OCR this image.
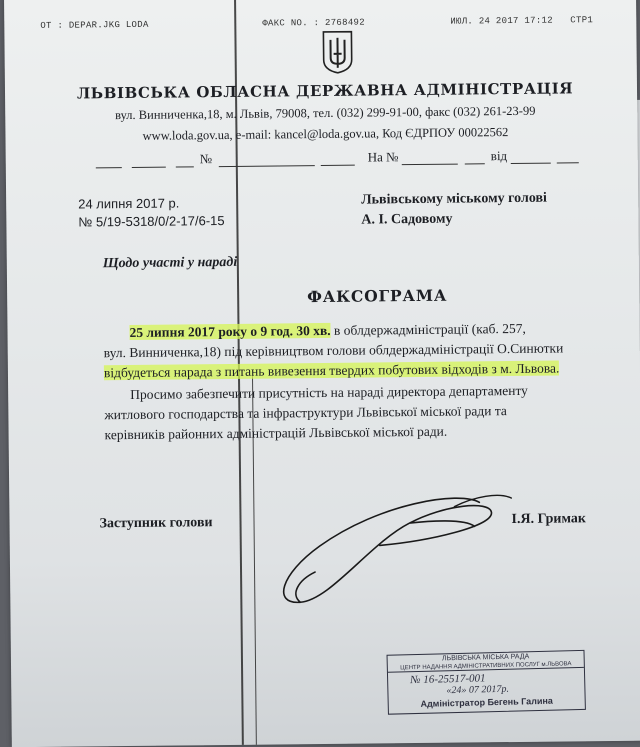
ОТ : DEPAR.JKG LODA	ФАКС NO. : 2768492	ИЮЛ. 24 2017 17:12 СТР1
ЛЬВІВСЬКА ОБЛАСНА ДЕРЖАВНА АДМІНІСТРАЦІЯ
вул. Винниченка,18, м. Львів, 79008, тел. (032) 299-91-00, факс (032) 261-23-99
www.loda.gov.ua, e-mail: kancel@loda.gov.ua, Код ЄДРПОУ 00022562
№	На №	від
24 липня 2017 р.
№ 5/19-5318/0/2-17/6-15
Львівському міському голові
А. І. Садовому
Щодо участі у нараді
ФАКСОГРАМА
25 липня 2017 року о 9 год. 30 хв. в облдержадміністрації (каб. 257,
вул. Винниченка,18) під керівництвом голови облдержадміністрації О.Синютки
відбудеться нарада з питань вивезення твердих побутових відходів з м. Львова.
Просимо забезпечити присутність на нараді директора департаменту
житлового господарства та інфраструктури Львівської міської ради та
керівників районних адміністрацій Львівської міської ради.
Заступник голови	І.Я. Гримак
ЛЬВІВСЬКА МІСЬКА РАДА
ЦЕНТР НАДАННЯ АДМІНІСТРАТИВНИХ ПОСЛУГ м.ЛЬВОВА
№ 16-25517-001
«24» 07 2017р.
Адміністратор Бегень Галина
